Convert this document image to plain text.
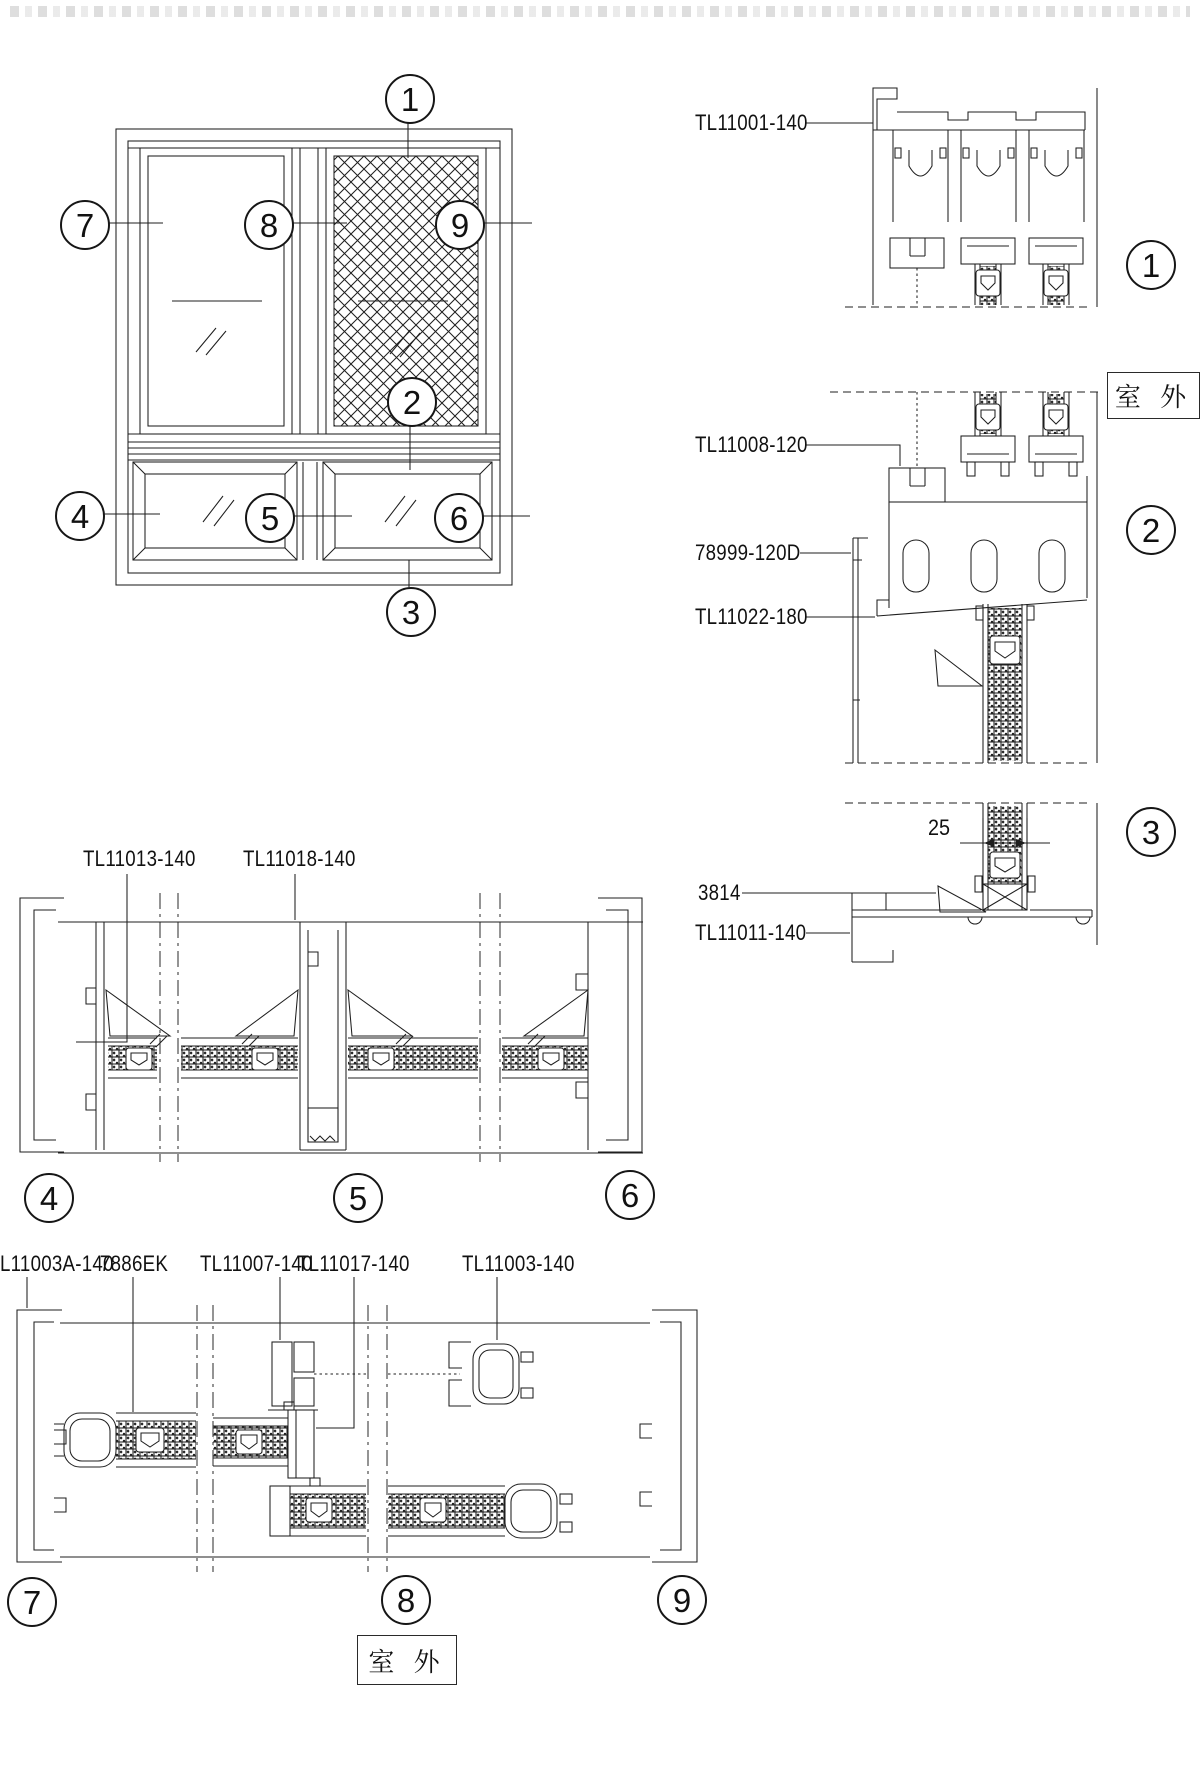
1
7	8	9
2
4	5	6
3
1
2
3
4	5	6
7	8	9
TL11001-140
TL11008-120
78999-120D
TL11022-180
3814
TL11011-140
TL11013-140 TL11018-140
L11003A-140
7886EK TL11007-140
TL11017-140 TL11003-140
25
室 外
室 外
